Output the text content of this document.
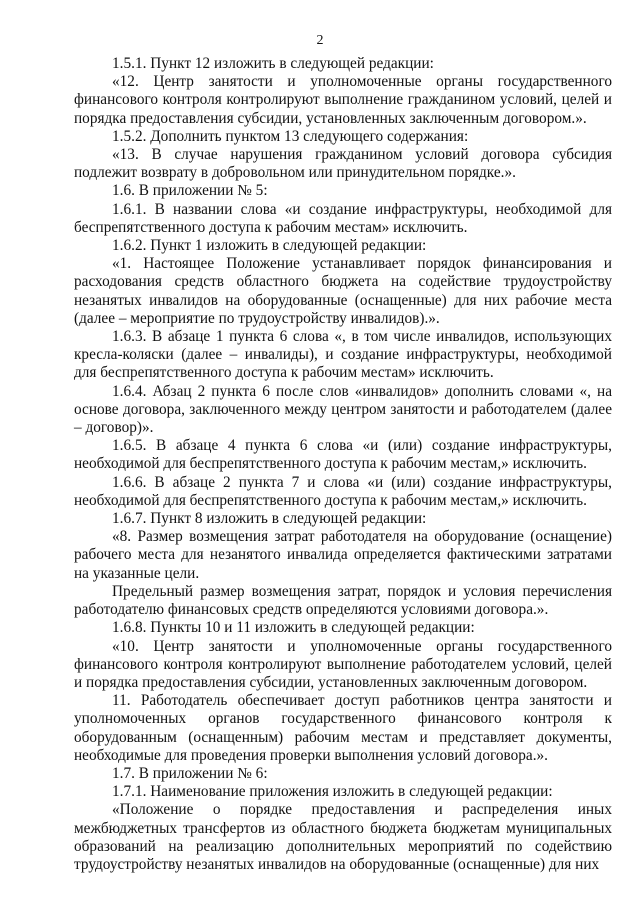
2

1.5.1. Пункт 12 изложить в следующей редакции:

«12. Центр занятости и уполномоченные органы государственного финансового контроля контролируют выполнение гражданином условий, целей и порядка предоставления субсидии, установленных заключенным договором.».

1.5.2. Дополнить пунктом 13 следующего содержания:

«13. В случае нарушения гражданином условий договора субсидия подлежит возврату в добровольном или принудительном порядке.».

1.6. В приложении № 5:

1.6.1. В названии слова «и создание инфраструктуры, необходимой для беспрепятственного доступа к рабочим местам» исключить.

1.6.2. Пункт 1 изложить в следующей редакции:

«1. Настоящее Положение устанавливает порядок финансирования и расходования средств областного бюджета на содействие трудоустройству незанятых инвалидов на оборудованные (оснащенные) для них рабочие места (далее – мероприятие по трудоустройству инвалидов).».

1.6.3. В абзаце 1 пункта 6 слова «, в том числе инвалидов, использующих кресла-коляски (далее – инвалиды), и создание инфраструктуры, необходимой для беспрепятственного доступа к рабочим местам» исключить.

1.6.4. Абзац 2 пункта 6 после слов «инвалидов» дополнить словами «, на основе договора, заключенного между центром занятости и работодателем (далее – договор)».

1.6.5. В абзаце 4 пункта 6 слова «и (или) создание инфраструктуры, необходимой для беспрепятственного доступа к рабочим местам,» исключить.

1.6.6. В абзаце 2 пункта 7 и слова «и (или) создание инфраструктуры, необходимой для беспрепятственного доступа к рабочим местам,» исключить.

1.6.7. Пункт 8 изложить в следующей редакции:

«8. Размер возмещения затрат работодателя на оборудование (оснащение) рабочего места для незанятого инвалида определяется фактическими затратами на указанные цели.

Предельный размер возмещения затрат, порядок и условия перечисления работодателю финансовых средств определяются условиями договора.».

1.6.8. Пункты 10 и 11 изложить в следующей редакции:

«10. Центр занятости и уполномоченные органы государственного финансового контроля контролируют выполнение работодателем условий, целей и порядка предоставления субсидии, установленных заключенным договором.

11. Работодатель обеспечивает доступ работников центра занятости и уполномоченных органов государственного финансового контроля к оборудованным (оснащенным) рабочим местам и представляет документы, необходимые для проведения проверки выполнения условий договора.».

1.7. В приложении № 6:

1.7.1. Наименование приложения изложить в следующей редакции:

«Положение о порядке предоставления и распределения иных межбюджетных трансфертов из областного бюджета бюджетам муниципальных образований на реализацию дополнительных мероприятий по содействию трудоустройству незанятых инвалидов на оборудованные (оснащенные) для них
